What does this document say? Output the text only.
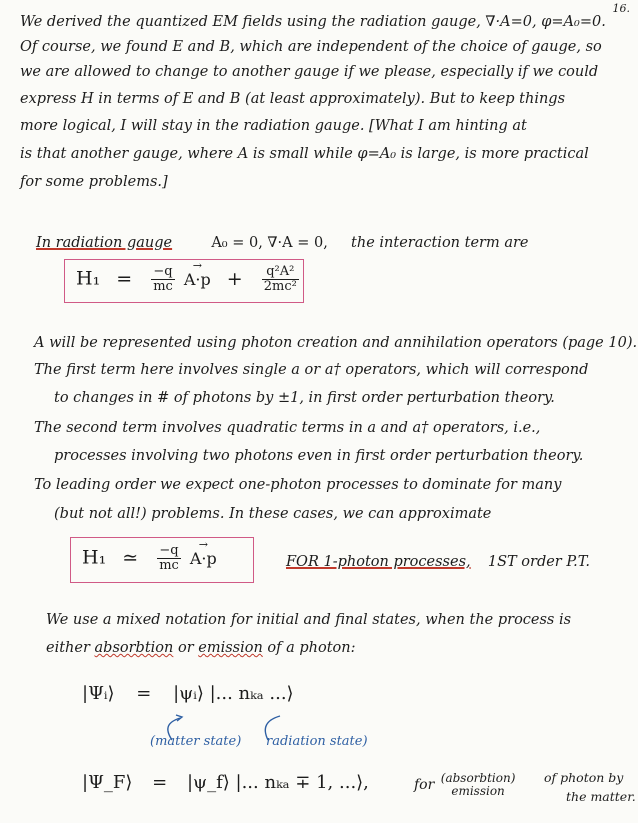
16.
We derived the quantized EM fields using the radiation gauge, ∇·A=0, φ=A₀=0.
Of course, we found E and B, which are independent of the choice of gauge, so
we are allowed to change to another gauge if we please, especially if we could
express H in terms of E and B (at least approximately). But to keep things
more logical, I will stay in the radiation gauge. [What I am hinting at
is that another gauge, where A is small while φ=A₀ is large, is more practical
for some problems.]
In radiation gauge	A₀ = 0, ∇·A = 0, the interaction term are
$H_1 = \frac{-q}{mc}$
→ $A\cdot p + \frac{\text{q²A²}}{\text{2mc²}}$
A will be represented using photon creation and annihilation operators (page 10).
The first term here involves single a or a† operators, which will correspond
to changes in # of photons by ±1, in first order perturbation theory.
The second term involves quadratic terms in a and a† operators, i.e.,
processes involving two photons even in first order perturbation theory.
To leading order we expect one-photon processes to dominate for many
(but not all!) problems. In these cases, we can approximate
H₁ ≃ $\frac{-q}{mc}$
→ A·p	FOR 1-photon processes, 1ST order P.T.
We use a mixed notation for initial and final states, when the process is
either absorbtion or emission of a photon:
|Ψᵢ⟩ = |ψᵢ⟩ |... nₖₐ ...⟩
(matter state) radiation state)
|Ψ_F⟩ = |ψ_f⟩ |... nₖₐ ∓ 1, ...⟩,	for (absorbtion)
emission
of photon by
the matter.
